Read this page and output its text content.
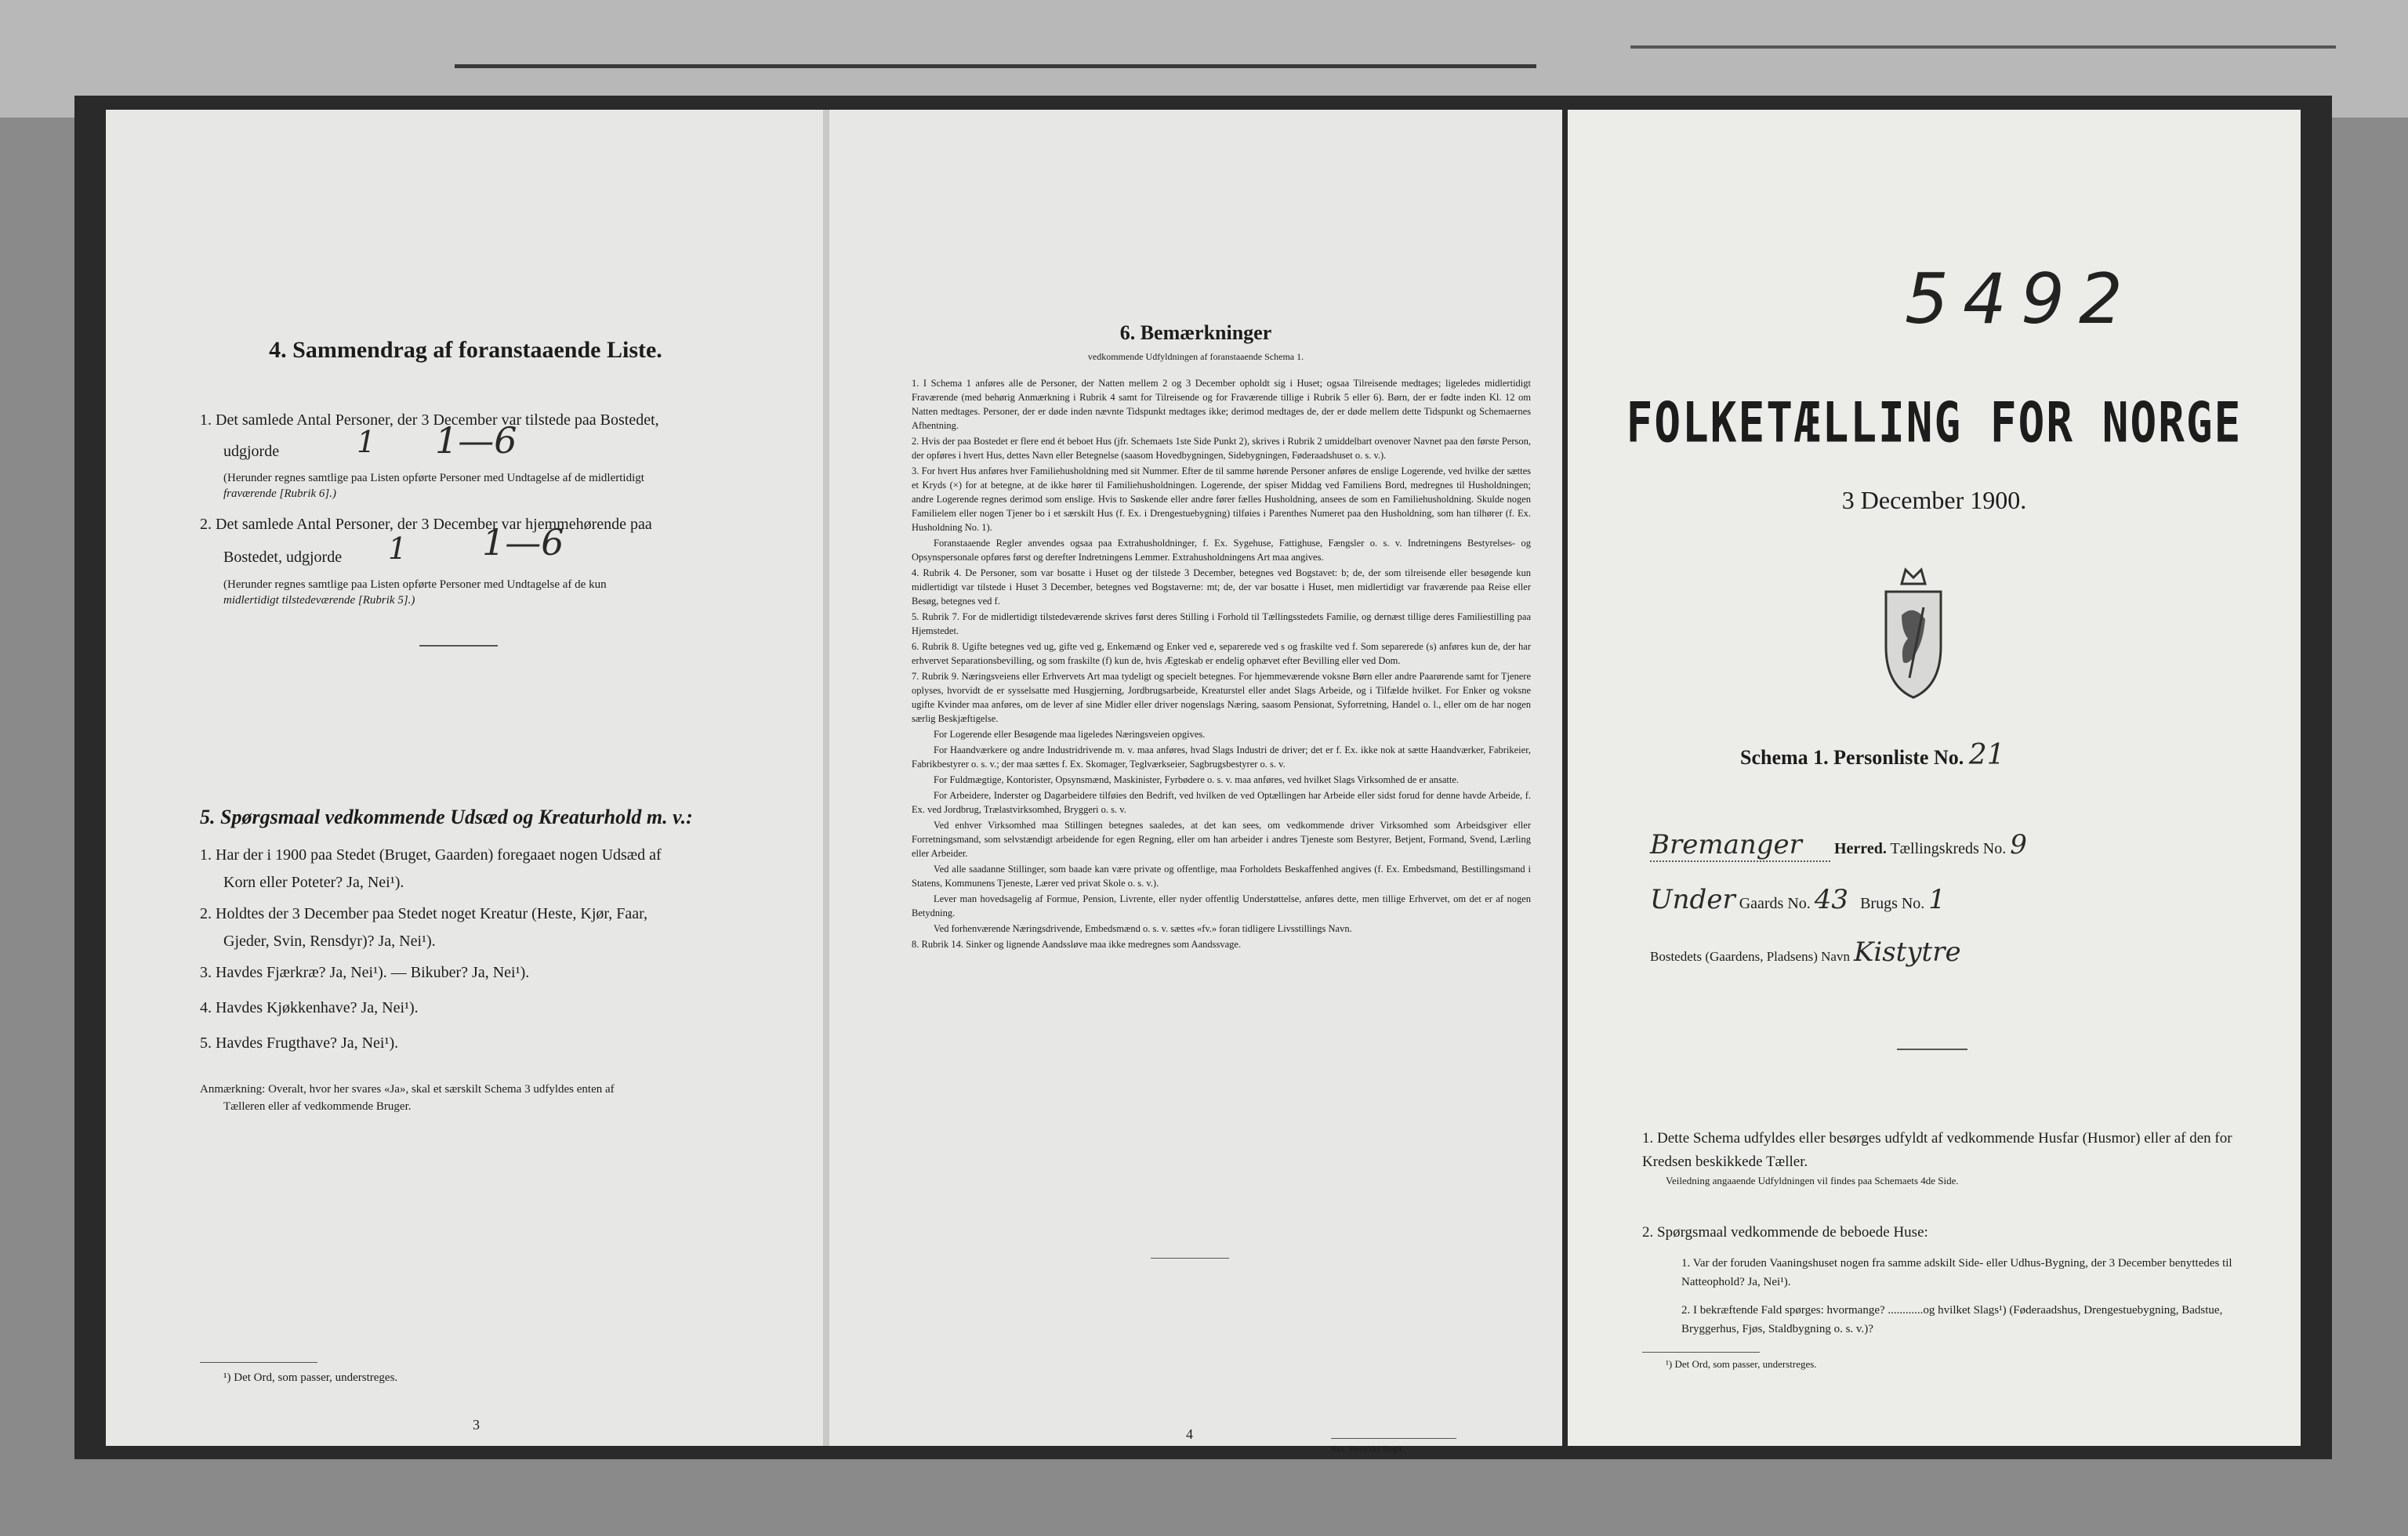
4. Sammendrag af foranstaaende Liste.
1. Det samlede Antal Personer, der 3 December var tilstede paa Bostedet,
udgjorde	1 1—6
(Herunder regnes samtlige paa Listen opførte Personer med Undtagelse af de midlertidigt
fraværende [Rubrik 6].)
2. Det samlede Antal Personer, der 3 December var hjemmehørende paa
Bostedet, udgjorde 1 1—6
(Herunder regnes samtlige paa Listen opførte Personer med Undtagelse af de kun
midlertidigt tilstedeværende [Rubrik 5].)
5. Spørgsmaal vedkommende Udsæd og Kreaturhold m. v.:
1. Har der i 1900 paa Stedet (Bruget, Gaarden) foregaaet nogen Udsæd af
Korn eller Poteter? Ja, Nei¹).
2. Holdtes der 3 December paa Stedet noget Kreatur (Heste, Kjør, Faar,
Gjeder, Svin, Rensdyr)? Ja, Nei¹).
3. Havdes Fjærkræ? Ja, Nei¹). — Bikuber? Ja, Nei¹).
4. Havdes Kjøkkenhave? Ja, Nei¹).
5. Havdes Frugthave? Ja, Nei¹).
Anmærkning: Overalt, hvor her svares «Ja», skal et særskilt Schema 3 udfyldes enten af
Tælleren eller af vedkommende Bruger.
¹) Det Ord, som passer, understreges.
3
6. Bemærkninger
vedkommende Udfyldningen af foranstaaende Schema 1.
1. I Schema 1 anføres alle de Personer, der Natten mellem 2 og 3 December opholdt sig i Huset; ogsaa Tilreisende medtages; ligeledes midlertidigt Fraværende (med behørig Anmærkning i Rubrik 4 samt for Tilreisende og for Fraværende tillige i Rubrik 5 eller 6). Børn, der er fødte inden Kl. 12 om Natten medtages. Personer, der er døde inden nævnte Tidspunkt medtages ikke; derimod medtages de, der er døde mellem dette Tidspunkt og Schemaernes Afhentning.
2. Hvis der paa Bostedet er flere end ét beboet Hus (jfr. Schemaets 1ste Side Punkt 2), skrives i Rubrik 2 umiddelbart ovenover Navnet paa den første Person, der opføres i hvert Hus, dettes Navn eller Betegnelse (saasom Hovedbygningen, Sidebygningen, Føderaadshuset o. s. v.).
3. For hvert Hus anføres hver Familiehusholdning med sit Nummer. Efter de til samme hørende Personer anføres de enslige Logerende, ved hvilke der sættes et Kryds (×) for at betegne, at de ikke hører til Familiehusholdningen. Logerende, der spiser Middag ved Familiens Bord, medregnes til Husholdningen; andre Logerende regnes derimod som enslige. Hvis to Søskende eller andre fører fælles Husholdning, ansees de som en Familiehusholdning. Skulde nogen Familielem eller nogen Tjener bo i et særskilt Hus (f. Ex. i Drengestuebygning) tilføies i Parenthes Numeret paa den Husholdning, som han tilhører (f. Ex. Husholdning No. 1).
Foranstaaende Regler anvendes ogsaa paa Extrahusholdninger, f. Ex. Sygehuse, Fattighuse, Fængsler o. s. v. Indretningens Bestyrelses- og Opsynspersonale opføres først og derefter Indretningens Lemmer. Extrahusholdningens Art maa angives.
4. Rubrik 4. De Personer, som var bosatte i Huset og der tilstede 3 December, betegnes ved Bogstavet: b; de, der som tilreisende eller besøgende kun midlertidigt var tilstede i Huset 3 December, betegnes ved Bogstaverne: mt; de, der var bosatte i Huset, men midlertidigt var fraværende paa Reise eller Besøg, betegnes ved f.
5. Rubrik 7. For de midlertidigt tilstedeværende skrives først deres Stilling i Forhold til Tællingsstedets Familie, og dernæst tillige deres Familiestilling paa Hjemstedet.
6. Rubrik 8. Ugifte betegnes ved ug, gifte ved g, Enkemænd og Enker ved e, separerede ved s og fraskilte ved f. Som separerede (s) anføres kun de, der har erhvervet Separationsbevilling, og som fraskilte (f) kun de, hvis Ægteskab er endelig ophævet efter Bevilling eller ved Dom.
7. Rubrik 9. Næringsveiens eller Erhvervets Art maa tydeligt og specielt betegnes. For hjemmeværende voksne Børn eller andre Paarørende samt for Tjenere oplyses, hvorvidt de er sysselsatte med Husgjerning, Jordbrugsarbeide, Kreaturstel eller andet Slags Arbeide, og i Tilfælde hvilket. For Enker og voksne ugifte Kvinder maa anføres, om de lever af sine Midler eller driver nogenslags Næring, saasom Pensionat, Syforretning, Handel o. l., eller om de har nogen særlig Beskjæftigelse.
For Logerende eller Besøgende maa ligeledes Næringsveien opgives.
For Haandværkere og andre Industridrivende m. v. maa anføres, hvad Slags Industri de driver; det er f. Ex. ikke nok at sætte Haandværker, Fabrikeier, Fabrikbestyrer o. s. v.; der maa sættes f. Ex. Skomager, Teglværkseier, Sagbrugsbestyrer o. s. v.
For Fuldmægtige, Kontorister, Opsynsmænd, Maskinister, Fyrbødere o. s. v. maa anføres, ved hvilket Slags Virksomhed de er ansatte.
For Arbeidere, Inderster og Dagarbeidere tilføies den Bedrift, ved hvilken de ved Optællingen har Arbeide eller sidst forud for denne havde Arbeide, f. Ex. ved Jordbrug, Trælastvirksomhed, Bryggeri o. s. v.
Ved enhver Virksomhed maa Stillingen betegnes saaledes, at det kan sees, om vedkommende driver Virksomhed som Arbeidsgiver eller Forretningsmand, som selvstændigt arbeidende for egen Regning, eller om han arbeider i andres Tjeneste som Bestyrer, Betjent, Formand, Svend, Lærling eller Arbeider.
Ved alle saadanne Stillinger, som baade kan være private og offentlige, maa Forholdets Beskaffenhed angives (f. Ex. Embedsmand, Bestillingsmand i Statens, Kommunens Tjeneste, Lærer ved privat Skole o. s. v.).
Lever man hovedsagelig af Formue, Pension, Livrente, eller nyder offentlig Understøttelse, anføres dette, men tillige Erhvervet, om det er af nogen Betydning.
Ved forhenværende Næringsdrivende, Embedsmænd o. s. v. sættes «fv.» foran tidligere Livsstillings Navn.
8. Rubrik 14. Sinker og lignende Aandssløve maa ikke medregnes som Aandssvage.
4
Kra. Steen'ske Bogtr.
5492
FOLKETÆLLING FOR NORGE
3 December 1900.
Schema 1. Personliste No. 21
Bremanger Herred. Tællingskreds No. 9
Under Gaards No. 43 Brugs No. 1
Bostedets (Gaardens, Pladsens) Navn Kistytre
1. Dette Schema udfyldes eller besørges udfyldt af vedkommende Husfar (Husmor) eller af den for Kredsen beskikkede Tæller.
Veiledning angaaende Udfyldningen vil findes paa Schemaets 4de Side.
2. Spørgsmaal vedkommende de beboede Huse:
1. Var der foruden Vaaningshuset nogen fra samme adskilt Side- eller Udhus-Bygning, der 3 December benyttedes til Natteophold? Ja, Nei¹).
2. I bekræftende Fald spørges: hvormange? ............og hvilket Slags¹) (Føderaadshus, Drengestuebygning, Badstue, Bryggerhus, Fjøs, Staldbygning o. s. v.)?
¹) Det Ord, som passer, understreges.
